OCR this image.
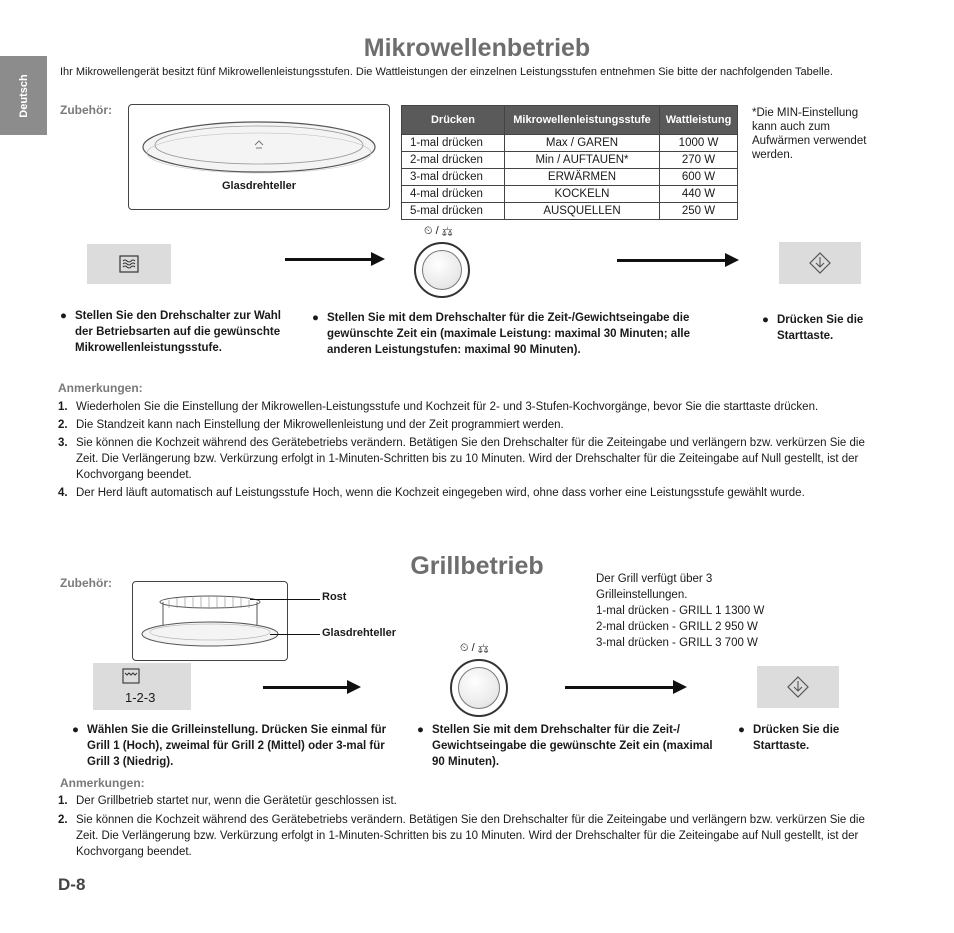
Deutsch
Mikrowellenbetrieb
Ihr Mikrowellengerät besitzt fünf Mikrowellenleistungsstufen. Die Wattleistungen der einzelnen Leistungsstufen entnehmen Sie bitte der nachfolgenden Tabelle.
Zubehör:
Glasdrehteller
Drücken	Mikrowellenleistungsstufe	Wattleistung
1-mal drücken	Max / GAREN	1000 W
2-mal drücken	Min / AUFTAUEN*	270 W
3-mal drücken	ERWÄRMEN	600 W
4-mal drücken	KOCKELN	440 W
5-mal drücken	AUSQUELLEN	250 W
*Die MIN-Einstellung kann auch zum Aufwärmen verwendet werden.
⏲ / ⚖
● Stellen Sie den Drehschalter zur Wahl der Betriebsarten auf die gewünschte Mikrowellenleistungsstufe.
● Stellen Sie mit dem Drehschalter für die Zeit-/Gewichtseingabe die gewünschte Zeit ein (maximale Leistung: maximal 30 Minuten; alle anderen Leistungstufen: maximal 90 Minuten).
● Drücken Sie die Starttaste.
Anmerkungen:
1. Wiederholen Sie die Einstellung der Mikrowellen-Leistungsstufe und Kochzeit für 2- und 3-Stufen-Kochvorgänge, bevor Sie die starttaste drücken.
2. Die Standzeit kann nach Einstellung der Mikrowellenleistung und der Zeit programmiert werden.
3. Sie können die Kochzeit während des Gerätebetriebs verändern. Betätigen Sie den Drehschalter für die Zeiteingabe und verlängern bzw. verkürzen Sie die Zeit. Die Verlängerung bzw. Verkürzung erfolgt in 1-Minuten-Schritten bis zu 10 Minuten. Wird der Drehschalter für die Zeiteingabe auf Null gestellt, ist der Kochvorgang beendet.
4. Der Herd läuft automatisch auf Leistungsstufe Hoch, wenn die Kochzeit eingegeben wird, ohne dass vorher eine Leistungsstufe gewählt wurde.
Grillbetrieb
Zubehör:
Rost
Glasdrehteller
Der Grill verfügt über 3
Grilleinstellungen.
1-mal drücken - GRILL 1 1300 W
2-mal drücken - GRILL 2 950 W
3-mal drücken - GRILL 3 700 W
1-2-3
⏲ / ⚖
● Wählen Sie die Grilleinstellung. Drücken Sie einmal für Grill 1 (Hoch), zweimal für Grill 2 (Mittel) oder 3-mal für Grill 3 (Niedrig).
● Stellen Sie mit dem Drehschalter für die Zeit-/ Gewichtseingabe die gewünschte Zeit ein (maximal 90 Minuten).
● Drücken Sie die Starttaste.
Anmerkungen:
1. Der Grillbetrieb startet nur, wenn die Gerätetür geschlossen ist.
2. Sie können die Kochzeit während des Gerätebetriebs verändern. Betätigen Sie den Drehschalter für die Zeiteingabe und verlängern bzw. verkürzen Sie die Zeit. Die Verlängerung bzw. Verkürzung erfolgt in 1-Minuten-Schritten bis zu 10 Minuten. Wird der Drehschalter für die Zeiteingabe auf Null gestellt, ist der Kochvorgang beendet.
D-8
